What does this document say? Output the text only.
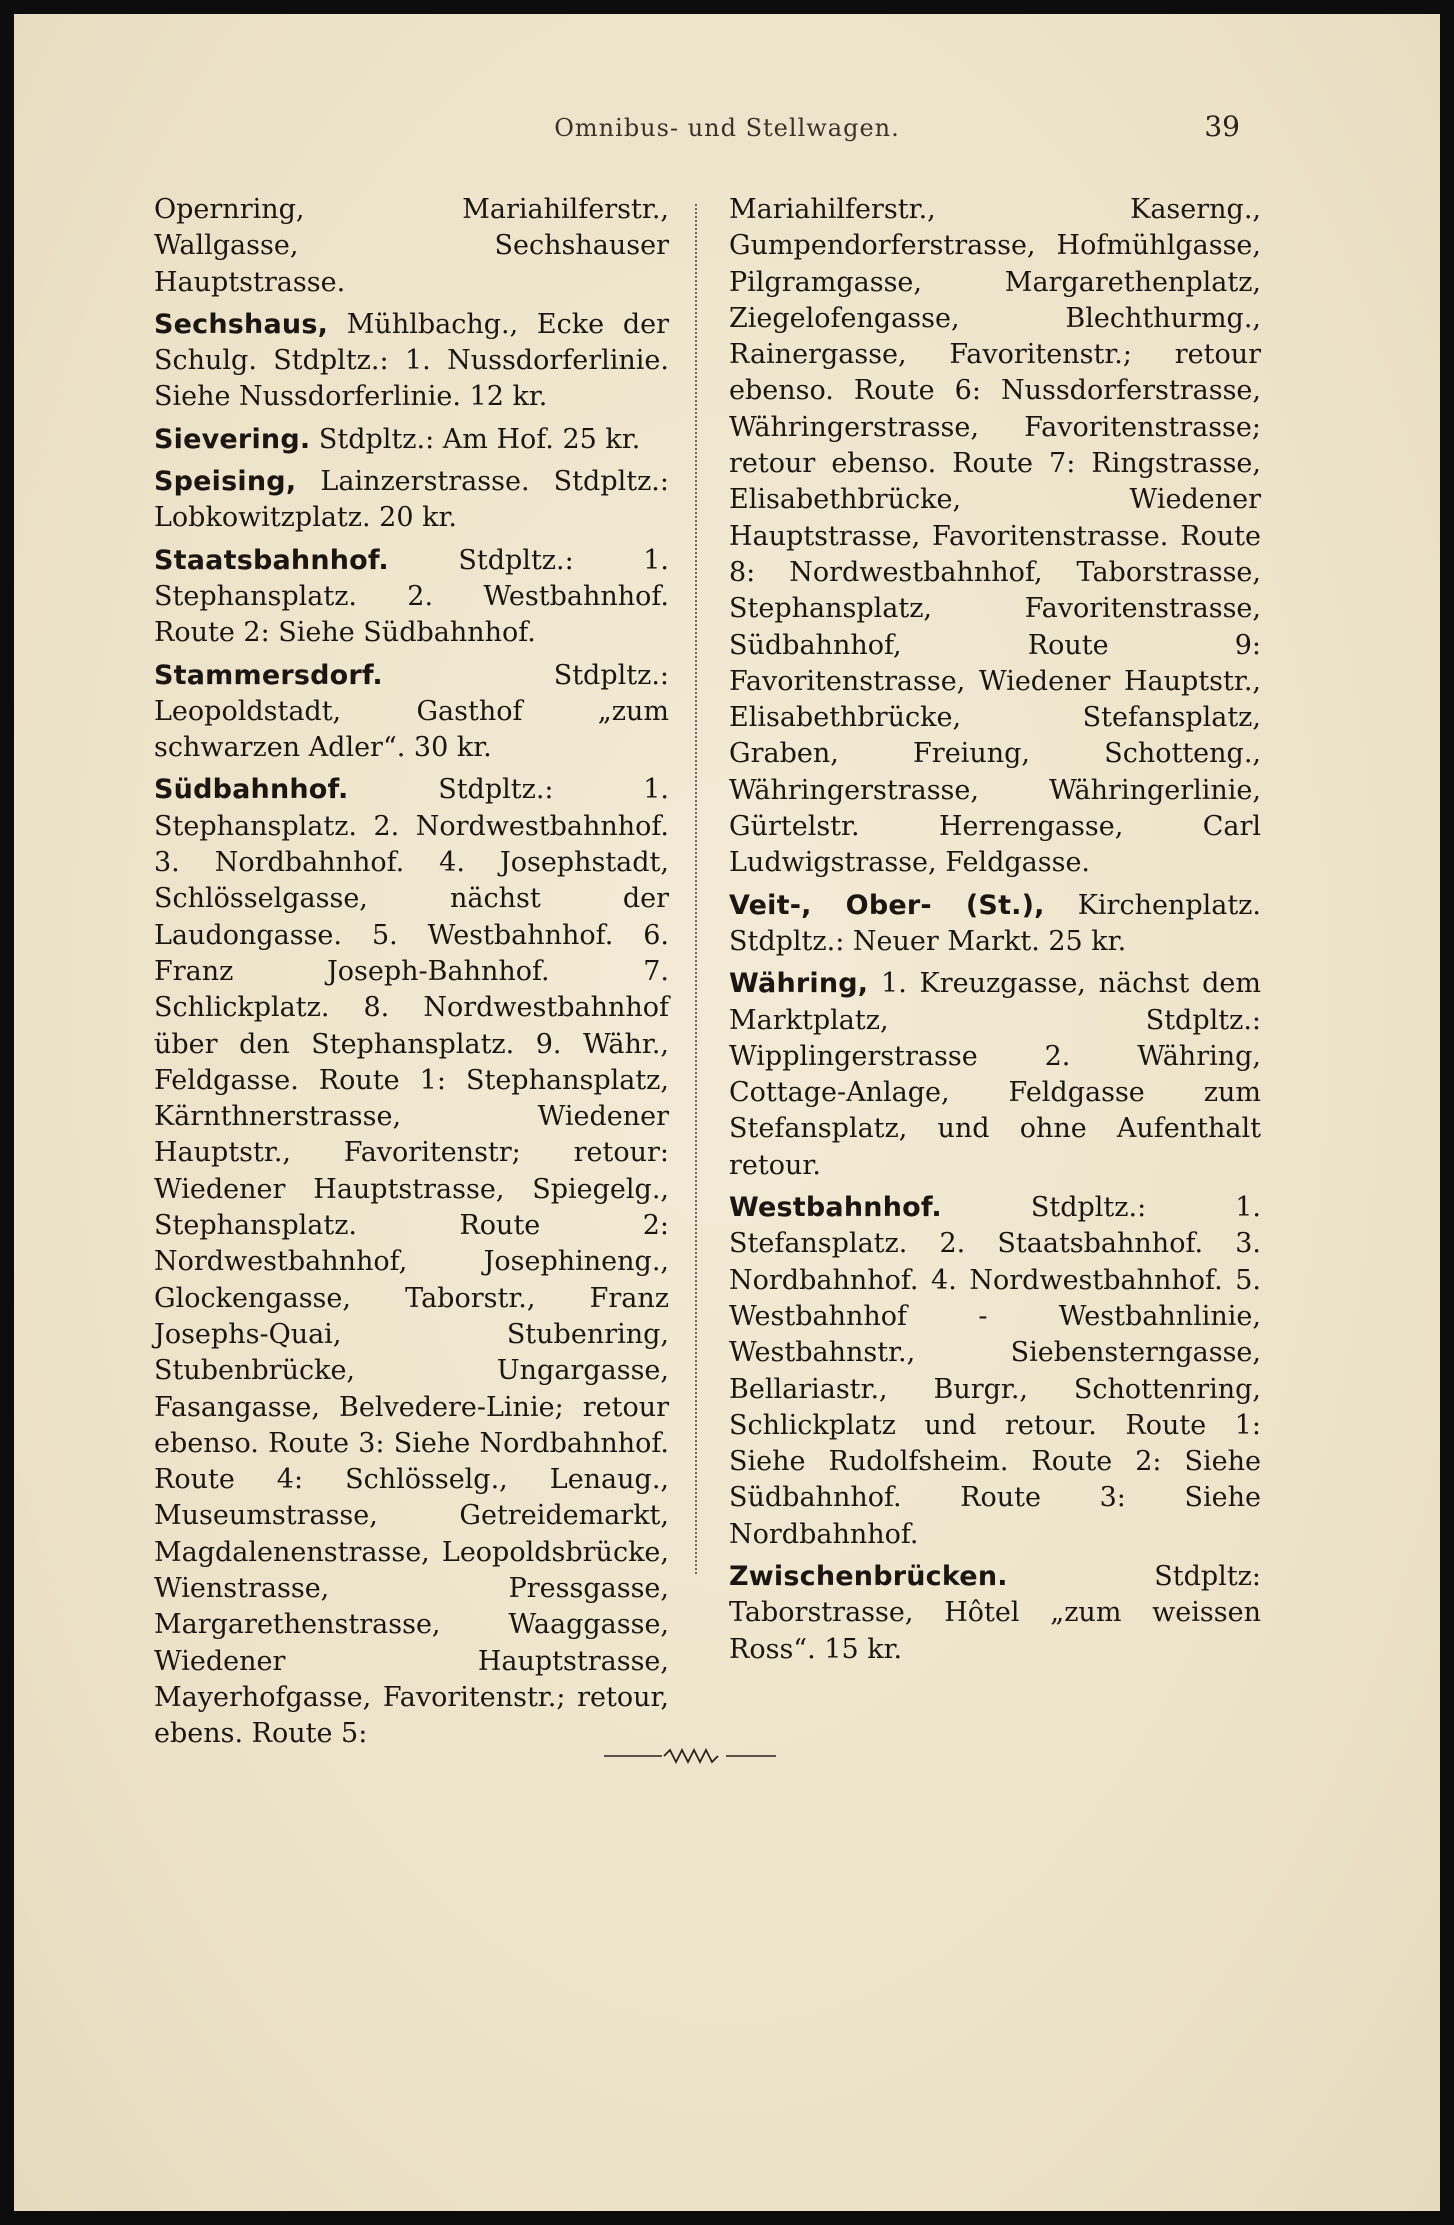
Omnibus- und Stellwagen.	39

Opernring, Mariahilferstr., Wallgasse, Sechshauser Hauptstrasse.

Sechshaus, Mühlbachg., Ecke der Schulg. Stdpltz.: 1. Nussdorferlinie. Siehe Nussdorferlinie. 12 kr.

Sievering. Stdpltz.: Am Hof. 25 kr.

Speising, Lainzerstrasse. Stdpltz.: Lobkowitzplatz. 20 kr.

Staatsbahnhof. Stdpltz.: 1. Stephansplatz. 2. Westbahnhof. Route 2: Siehe Südbahnhof.

Stammersdorf. Stdpltz.: Leopoldstadt, Gasthof „zum schwarzen Adler“. 30 kr.

Südbahnhof. Stdpltz.: 1. Stephansplatz. 2. Nordwestbahnhof. 3. Nordbahnhof. 4. Josephstadt, Schlösselgasse, nächst der Laudongasse. 5. Westbahnhof. 6. Franz Joseph-Bahnhof. 7. Schlickplatz. 8. Nordwestbahnhof über den Stephansplatz. 9. Währ., Feldgasse. Route 1: Stephansplatz, Kärnthnerstrasse, Wiedener Hauptstr., Favoritenstr; retour: Wiedener Hauptstrasse, Spiegelg., Stephansplatz. Route 2: Nordwestbahnhof, Josephineng., Glockengasse, Taborstr., Franz Josephs-Quai, Stubenring, Stubenbrücke, Ungargasse, Fasangasse, Belvedere-Linie; retour ebenso. Route 3: Siehe Nordbahnhof. Route 4: Schlösselg., Lenaug., Museumstrasse, Getreidemarkt, Magdalenenstrasse, Leopoldsbrücke, Wienstrasse, Pressgasse, Margarethenstrasse, Waaggasse, Wiedener Hauptstrasse, Mayerhofgasse, Favoritenstr.; retour, ebens. Route 5:

Mariahilferstr., Kaserng., Gumpendorferstrasse, Hofmühlgasse, Pilgramgasse, Margarethenplatz, Ziegelofengasse, Blechthurmg., Rainergasse, Favoritenstr.; retour ebenso. Route 6: Nussdorferstrasse, Währingerstrasse, Favoritenstrasse; retour ebenso. Route 7: Ringstrasse, Elisabethbrücke, Wiedener Hauptstrasse, Favoritenstrasse. Route 8: Nordwestbahnhof, Taborstrasse, Stephansplatz, Favoritenstrasse, Südbahnhof, Route 9: Favoritenstrasse, Wiedener Hauptstr., Elisabethbrücke, Stefansplatz, Graben, Freiung, Schotteng., Währingerstrasse, Währingerlinie, Gürtelstr. Herrengasse, Carl Ludwigstrasse, Feldgasse.

Veit-, Ober- (St.), Kirchenplatz. Stdpltz.: Neuer Markt. 25 kr.

Währing, 1. Kreuzgasse, nächst dem Marktplatz, Stdpltz.: Wipplingerstrasse 2. Währing, Cottage-Anlage, Feldgasse zum Stefansplatz, und ohne Aufenthalt retour.

Westbahnhof. Stdpltz.: 1. Stefansplatz. 2. Staatsbahnhof. 3. Nordbahnhof. 4. Nordwestbahnhof. 5. Westbahnhof - Westbahnlinie, Westbahnstr., Siebensterngasse, Bellariastr., Burgr., Schottenring, Schlickplatz und retour. Route 1: Siehe Rudolfsheim. Route 2: Siehe Südbahnhof. Route 3: Siehe Nordbahnhof.

Zwischenbrücken. Stdpltz: Taborstrasse, Hôtel „zum weissen Ross“. 15 kr.
